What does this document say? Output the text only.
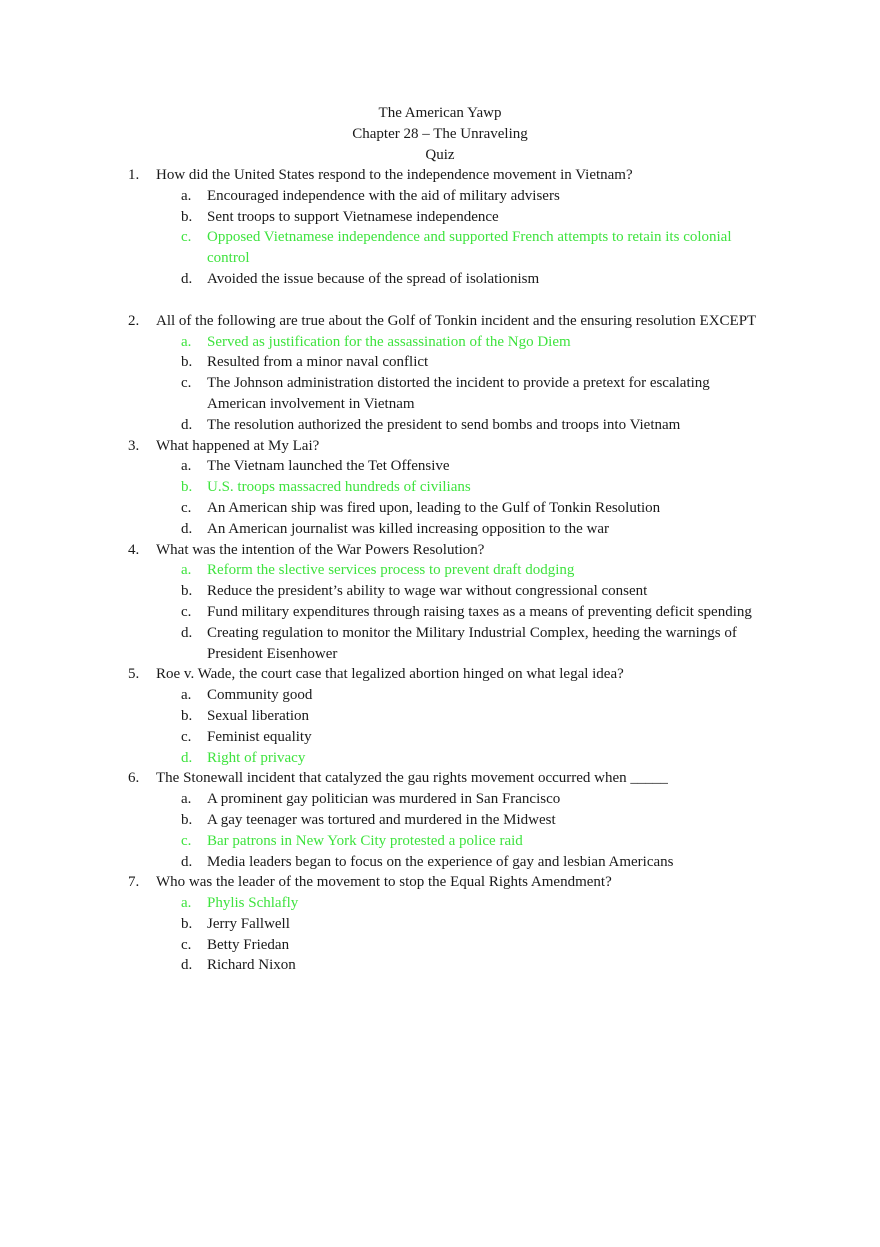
The American Yawp
Chapter 28 – The Unraveling
Quiz
1. How did the United States respond to the independence movement in Vietnam?
a. Encouraged independence with the aid of military advisers
b. Sent troops to support Vietnamese independence
c. Opposed Vietnamese independence and supported French attempts to retain its colonial control
d. Avoided the issue because of the spread of isolationism
2. All of the following are true about the Golf of Tonkin incident and the ensuring resolution EXCEPT
a. Served as justification for the assassination of the Ngo Diem
b. Resulted from a minor naval conflict
c. The Johnson administration distorted the incident to provide a pretext for escalating American involvement in Vietnam
d. The resolution authorized the president to send bombs and troops into Vietnam
3. What happened at My Lai?
a. The Vietnam launched the Tet Offensive
b. U.S. troops massacred hundreds of civilians
c. An American ship was fired upon, leading to the Gulf of Tonkin Resolution
d. An American journalist was killed increasing opposition to the war
4. What was the intention of the War Powers Resolution?
a. Reform the slective services process to prevent draft dodging
b. Reduce the president’s ability to wage war without congressional consent
c. Fund military expenditures through raising taxes as a means of preventing deficit spending
d. Creating regulation to monitor the Military Industrial Complex, heeding the warnings of President Eisenhower
5. Roe v. Wade, the court case that legalized abortion hinged on what legal idea?
a. Community good
b. Sexual liberation
c. Feminist equality
d. Right of privacy
6. The Stonewall incident that catalyzed the gau rights movement occurred when _____
a. A prominent gay politician was murdered in San Francisco
b. A gay teenager was tortured and murdered in the Midwest
c. Bar patrons in New York City protested a police raid
d. Media leaders began to focus on the experience of gay and lesbian Americans
7. Who was the leader of the movement to stop the Equal Rights Amendment?
a. Phylis Schlafly
b. Jerry Fallwell
c. Betty Friedan
d. Richard Nixon
